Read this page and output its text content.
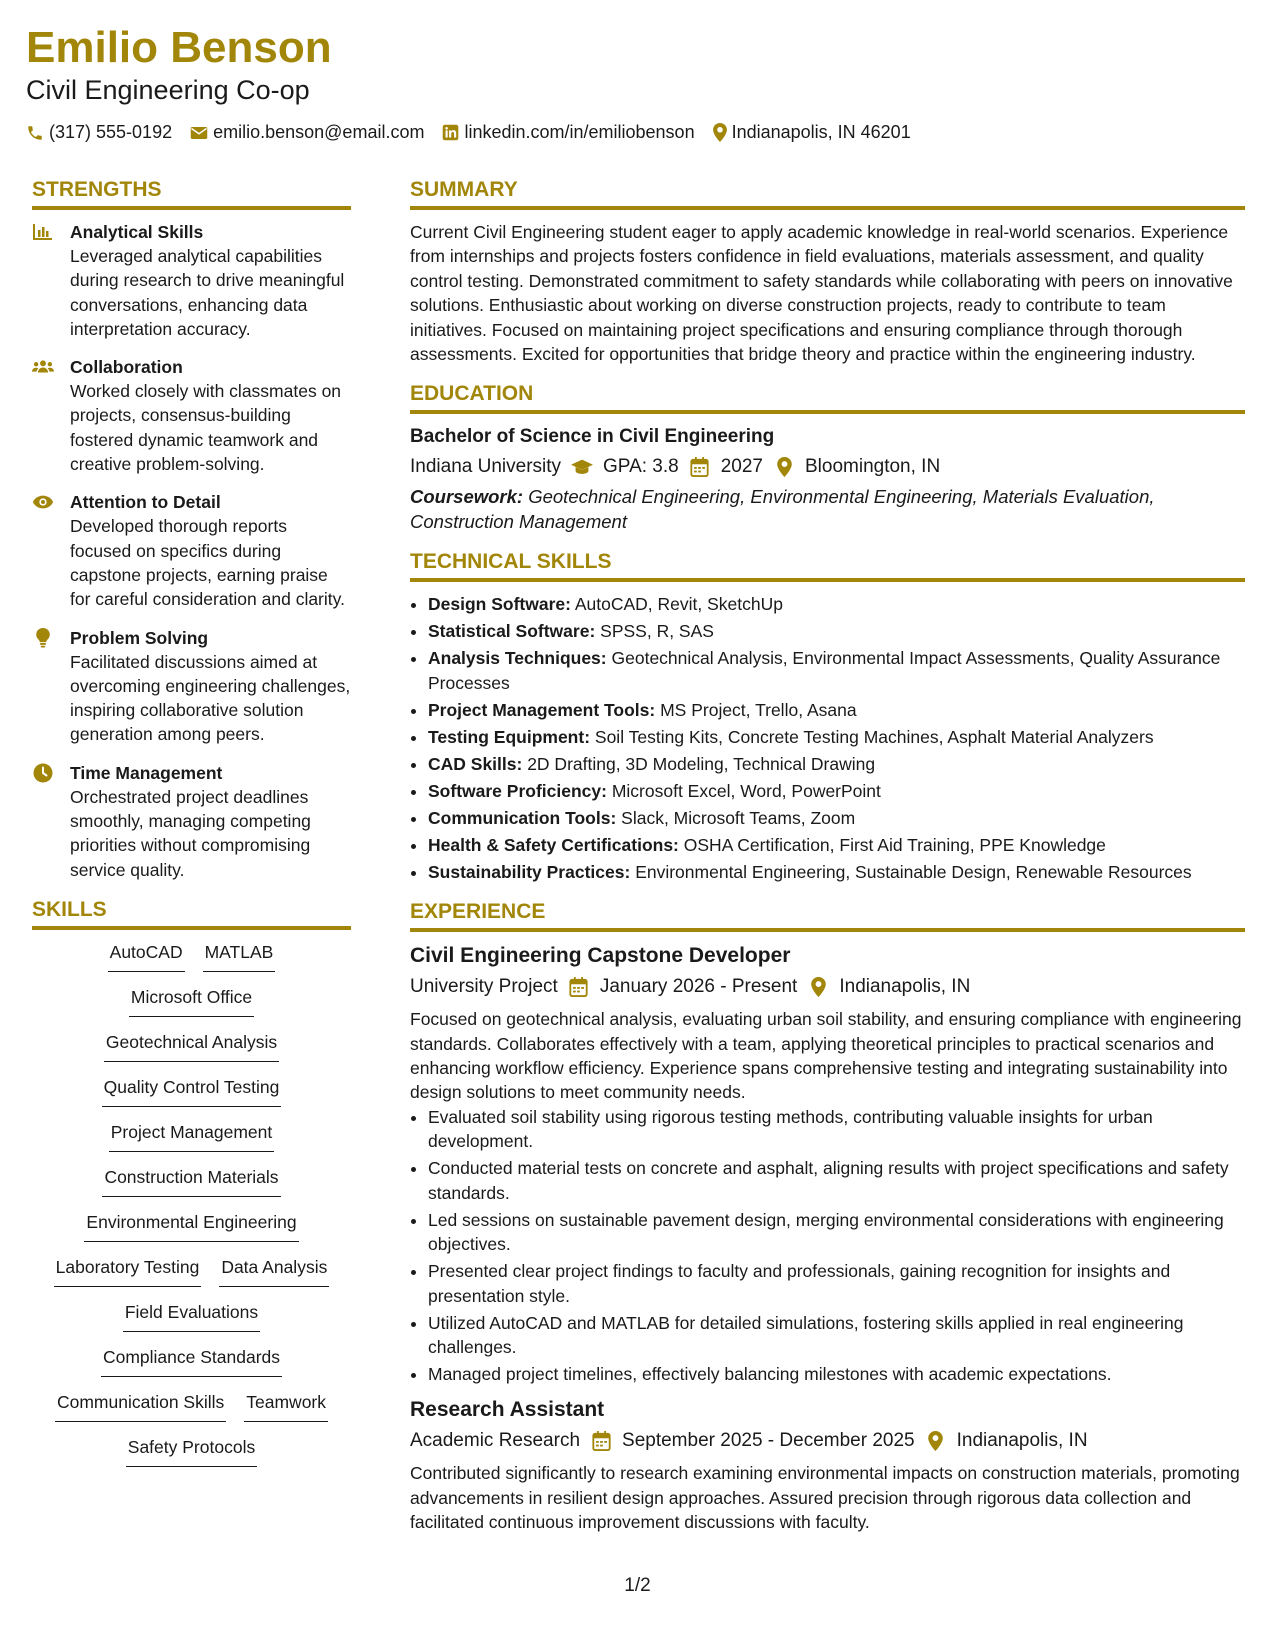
Emilio Benson
Civil Engineering Co-op
(317) 555-0192 emilio.benson@email.com linkedin.com/in/emiliobenson Indianapolis, IN 46201
STRENGTHS
Analytical Skills
Leveraged analytical capabilities during research to drive meaningful conversations, enhancing data interpretation accuracy.
Collaboration
Worked closely with classmates on projects, consensus-building fostered dynamic teamwork and creative problem-solving.
Attention to Detail
Developed thorough reports focused on specifics during capstone projects, earning praise for careful consideration and clarity.
Problem Solving
Facilitated discussions aimed at overcoming engineering challenges, inspiring collaborative solution generation among peers.
Time Management
Orchestrated project deadlines smoothly, managing competing priorities without compromising service quality.
SKILLS
AutoCAD MATLAB
Microsoft Office
Geotechnical Analysis
Quality Control Testing
Project Management
Construction Materials
Environmental Engineering
Laboratory Testing Data Analysis
Field Evaluations
Compliance Standards
Communication Skills Teamwork
Safety Protocols
SUMMARY
Current Civil Engineering student eager to apply academic knowledge in real-world scenarios. Experience from internships and projects fosters confidence in field evaluations, materials assessment, and quality control testing. Demonstrated commitment to safety standards while collaborating with peers on innovative solutions. Enthusiastic about working on diverse construction projects, ready to contribute to team initiatives. Focused on maintaining project specifications and ensuring compliance through thorough assessments. Excited for opportunities that bridge theory and practice within the engineering industry.
EDUCATION
Bachelor of Science in Civil Engineering
Indiana University GPA: 3.8 2027 Bloomington, IN
Coursework: Geotechnical Engineering, Environmental Engineering, Materials Evaluation, Construction Management
TECHNICAL SKILLS
• Design Software: AutoCAD, Revit, SketchUp
• Statistical Software: SPSS, R, SAS
• Analysis Techniques: Geotechnical Analysis, Environmental Impact Assessments, Quality Assurance Processes
• Project Management Tools: MS Project, Trello, Asana
• Testing Equipment: Soil Testing Kits, Concrete Testing Machines, Asphalt Material Analyzers
• CAD Skills: 2D Drafting, 3D Modeling, Technical Drawing
• Software Proficiency: Microsoft Excel, Word, PowerPoint
• Communication Tools: Slack, Microsoft Teams, Zoom
• Health & Safety Certifications: OSHA Certification, First Aid Training, PPE Knowledge
• Sustainability Practices: Environmental Engineering, Sustainable Design, Renewable Resources
EXPERIENCE
Civil Engineering Capstone Developer
University Project January 2026 - Present Indianapolis, IN
Focused on geotechnical analysis, evaluating urban soil stability, and ensuring compliance with engineering standards. Collaborates effectively with a team, applying theoretical principles to practical scenarios and enhancing workflow efficiency. Experience spans comprehensive testing and integrating sustainability into design solutions to meet community needs.
• Evaluated soil stability using rigorous testing methods, contributing valuable insights for urban development.
• Conducted material tests on concrete and asphalt, aligning results with project specifications and safety standards.
• Led sessions on sustainable pavement design, merging environmental considerations with engineering objectives.
• Presented clear project findings to faculty and professionals, gaining recognition for insights and presentation style.
• Utilized AutoCAD and MATLAB for detailed simulations, fostering skills applied in real engineering challenges.
• Managed project timelines, effectively balancing milestones with academic expectations.
Research Assistant
Academic Research September 2025 - December 2025 Indianapolis, IN
Contributed significantly to research examining environmental impacts on construction materials, promoting advancements in resilient design approaches. Assured precision through rigorous data collection and facilitated continuous improvement discussions with faculty.
1/2
